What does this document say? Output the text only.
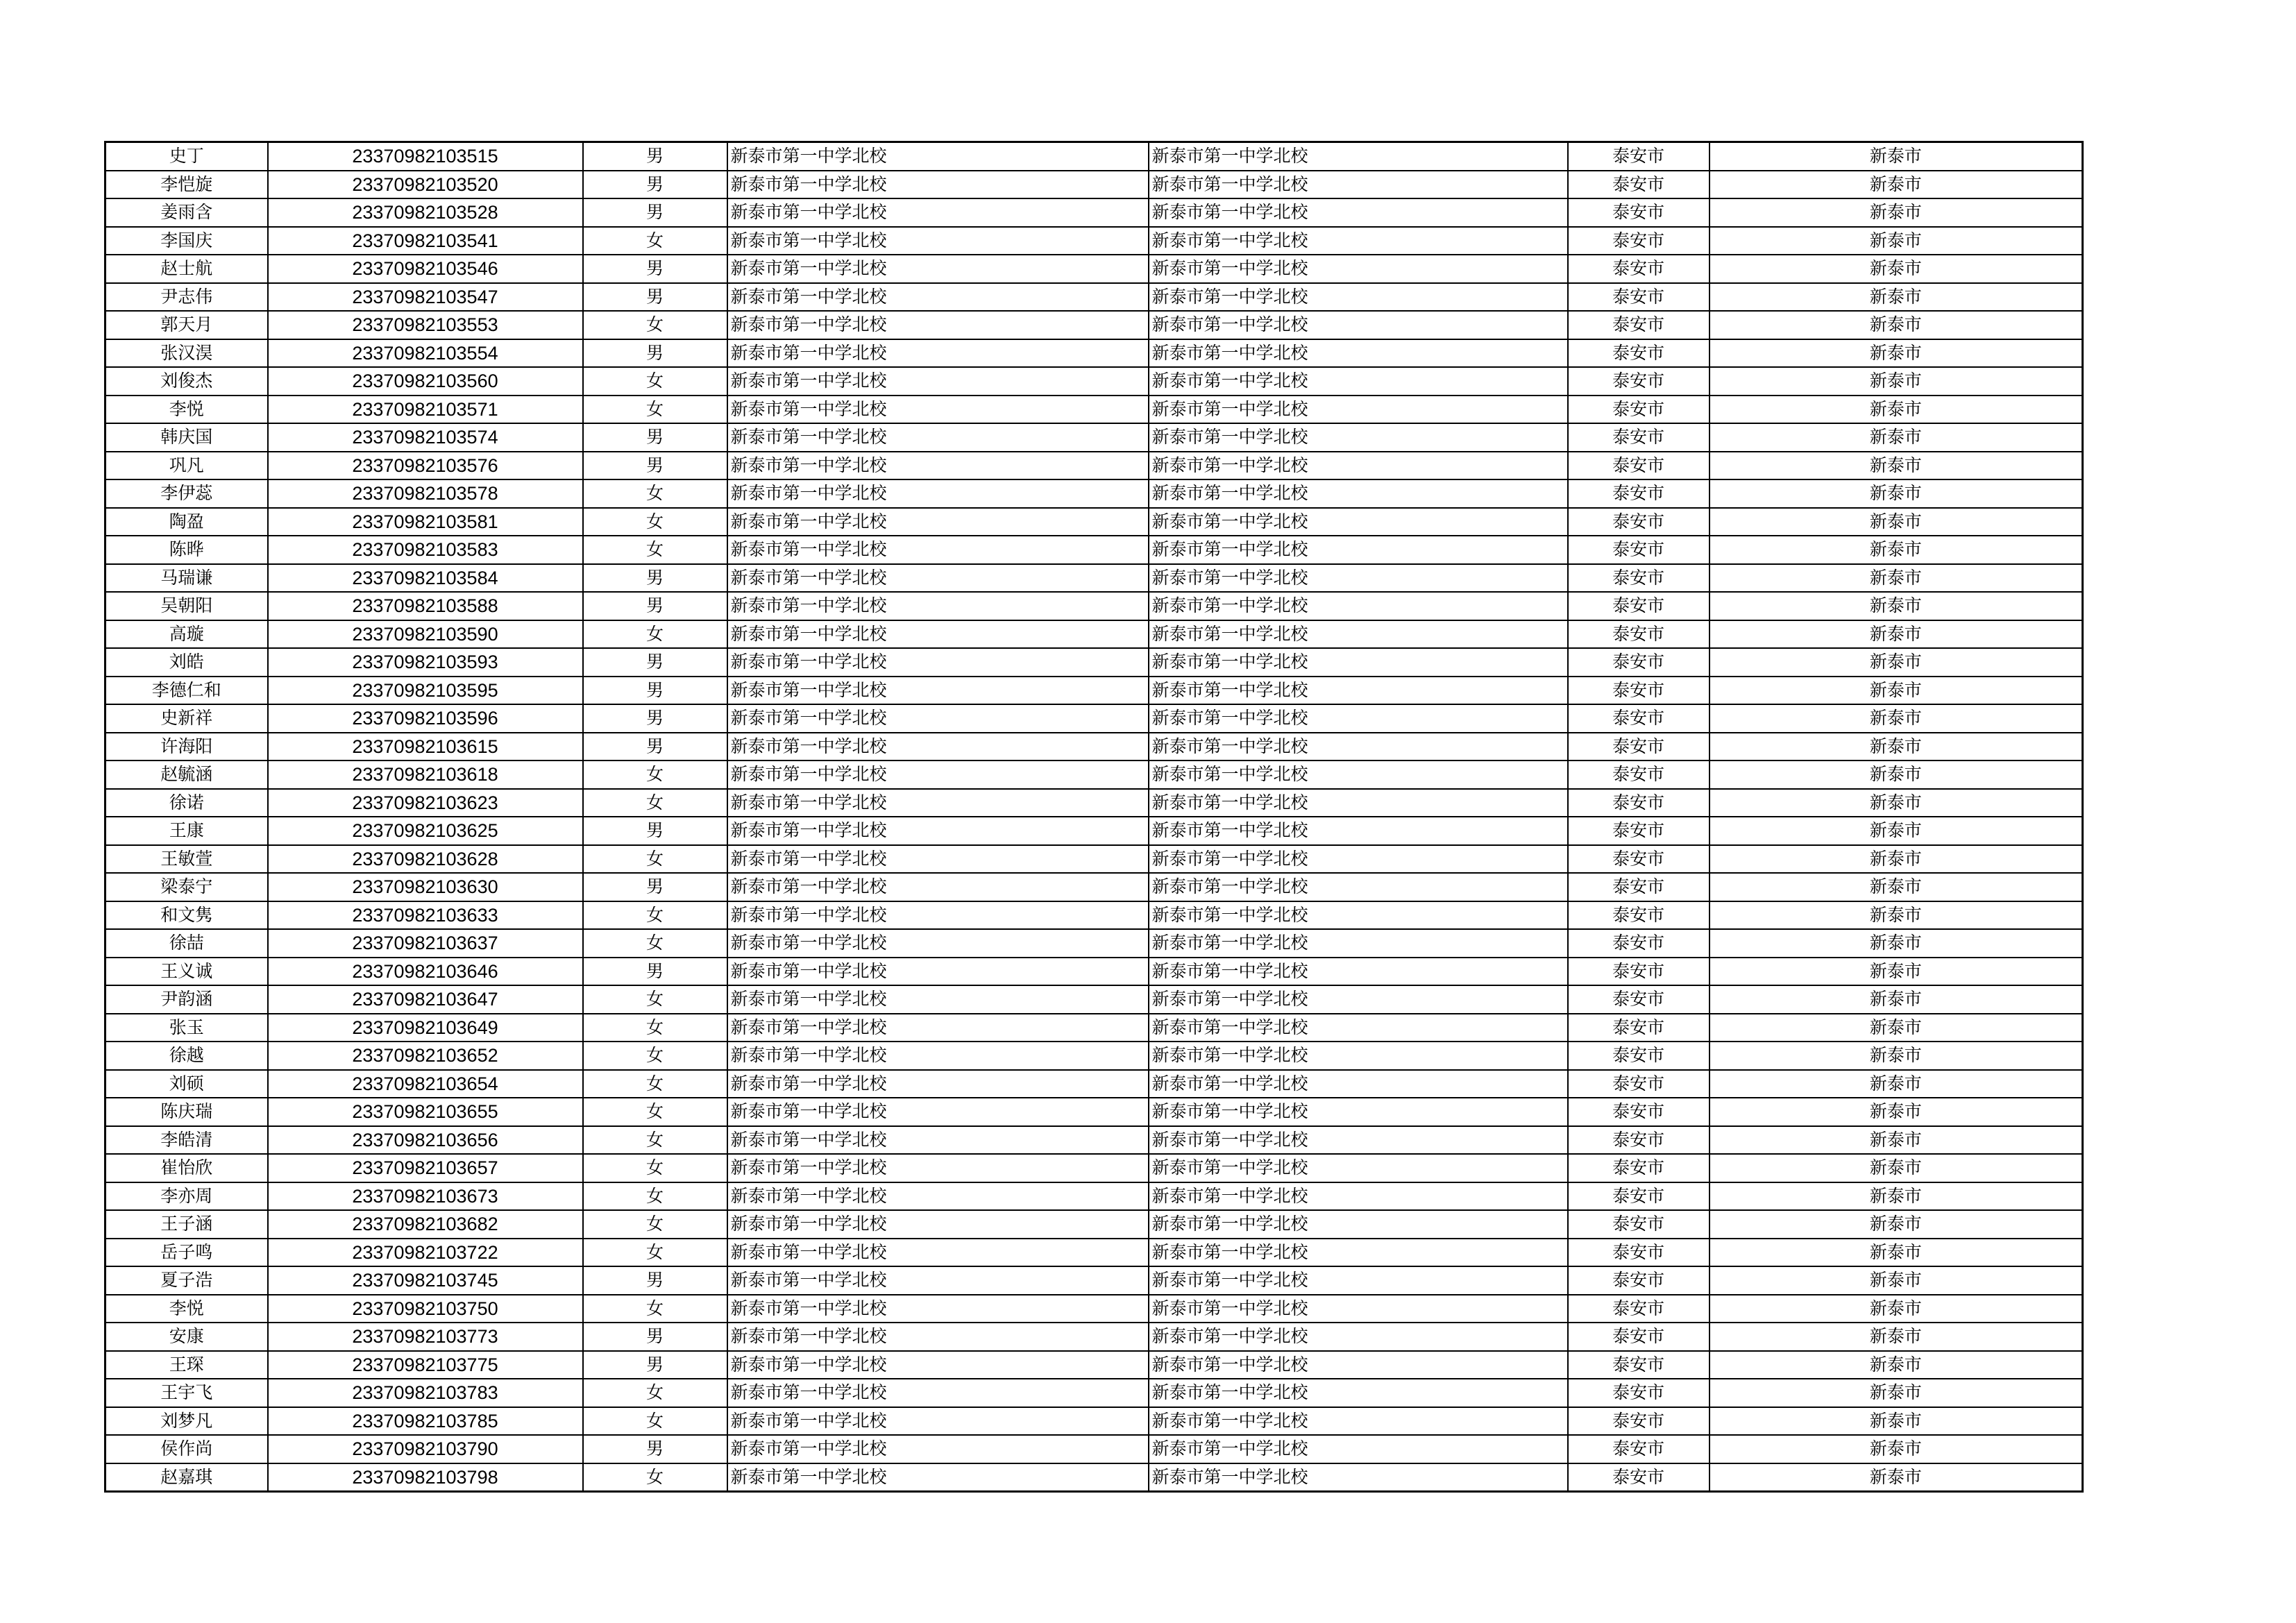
史丁	23370982103515	男	新泰市第一中学北校	新泰市第一中学北校	泰安市	新泰市
李恺旋	23370982103520	男	新泰市第一中学北校	新泰市第一中学北校	泰安市	新泰市
姜雨含	23370982103528	男	新泰市第一中学北校	新泰市第一中学北校	泰安市	新泰市
李国庆	23370982103541	女	新泰市第一中学北校	新泰市第一中学北校	泰安市	新泰市
赵士航	23370982103546	男	新泰市第一中学北校	新泰市第一中学北校	泰安市	新泰市
尹志伟	23370982103547	男	新泰市第一中学北校	新泰市第一中学北校	泰安市	新泰市
郭天月	23370982103553	女	新泰市第一中学北校	新泰市第一中学北校	泰安市	新泰市
张汉淏	23370982103554	男	新泰市第一中学北校	新泰市第一中学北校	泰安市	新泰市
刘俊杰	23370982103560	女	新泰市第一中学北校	新泰市第一中学北校	泰安市	新泰市
李悦	23370982103571	女	新泰市第一中学北校	新泰市第一中学北校	泰安市	新泰市
韩庆国	23370982103574	男	新泰市第一中学北校	新泰市第一中学北校	泰安市	新泰市
巩凡	23370982103576	男	新泰市第一中学北校	新泰市第一中学北校	泰安市	新泰市
李伊蕊	23370982103578	女	新泰市第一中学北校	新泰市第一中学北校	泰安市	新泰市
陶盈	23370982103581	女	新泰市第一中学北校	新泰市第一中学北校	泰安市	新泰市
陈晔	23370982103583	女	新泰市第一中学北校	新泰市第一中学北校	泰安市	新泰市
马瑞谦	23370982103584	男	新泰市第一中学北校	新泰市第一中学北校	泰安市	新泰市
吴朝阳	23370982103588	男	新泰市第一中学北校	新泰市第一中学北校	泰安市	新泰市
高璇	23370982103590	女	新泰市第一中学北校	新泰市第一中学北校	泰安市	新泰市
刘皓	23370982103593	男	新泰市第一中学北校	新泰市第一中学北校	泰安市	新泰市
李德仁和	23370982103595	男	新泰市第一中学北校	新泰市第一中学北校	泰安市	新泰市
史新祥	23370982103596	男	新泰市第一中学北校	新泰市第一中学北校	泰安市	新泰市
许海阳	23370982103615	男	新泰市第一中学北校	新泰市第一中学北校	泰安市	新泰市
赵毓涵	23370982103618	女	新泰市第一中学北校	新泰市第一中学北校	泰安市	新泰市
徐诺	23370982103623	女	新泰市第一中学北校	新泰市第一中学北校	泰安市	新泰市
王康	23370982103625	男	新泰市第一中学北校	新泰市第一中学北校	泰安市	新泰市
王敏萱	23370982103628	女	新泰市第一中学北校	新泰市第一中学北校	泰安市	新泰市
梁泰宁	23370982103630	男	新泰市第一中学北校	新泰市第一中学北校	泰安市	新泰市
和文隽	23370982103633	女	新泰市第一中学北校	新泰市第一中学北校	泰安市	新泰市
徐喆	23370982103637	女	新泰市第一中学北校	新泰市第一中学北校	泰安市	新泰市
王义诚	23370982103646	男	新泰市第一中学北校	新泰市第一中学北校	泰安市	新泰市
尹韵涵	23370982103647	女	新泰市第一中学北校	新泰市第一中学北校	泰安市	新泰市
张玉	23370982103649	女	新泰市第一中学北校	新泰市第一中学北校	泰安市	新泰市
徐越	23370982103652	女	新泰市第一中学北校	新泰市第一中学北校	泰安市	新泰市
刘硕	23370982103654	女	新泰市第一中学北校	新泰市第一中学北校	泰安市	新泰市
陈庆瑞	23370982103655	女	新泰市第一中学北校	新泰市第一中学北校	泰安市	新泰市
李皓清	23370982103656	女	新泰市第一中学北校	新泰市第一中学北校	泰安市	新泰市
崔怡欣	23370982103657	女	新泰市第一中学北校	新泰市第一中学北校	泰安市	新泰市
李亦周	23370982103673	女	新泰市第一中学北校	新泰市第一中学北校	泰安市	新泰市
王子涵	23370982103682	女	新泰市第一中学北校	新泰市第一中学北校	泰安市	新泰市
岳子鸣	23370982103722	女	新泰市第一中学北校	新泰市第一中学北校	泰安市	新泰市
夏子浩	23370982103745	男	新泰市第一中学北校	新泰市第一中学北校	泰安市	新泰市
李悦	23370982103750	女	新泰市第一中学北校	新泰市第一中学北校	泰安市	新泰市
安康	23370982103773	男	新泰市第一中学北校	新泰市第一中学北校	泰安市	新泰市
王琛	23370982103775	男	新泰市第一中学北校	新泰市第一中学北校	泰安市	新泰市
王宇飞	23370982103783	女	新泰市第一中学北校	新泰市第一中学北校	泰安市	新泰市
刘梦凡	23370982103785	女	新泰市第一中学北校	新泰市第一中学北校	泰安市	新泰市
侯作尚	23370982103790	男	新泰市第一中学北校	新泰市第一中学北校	泰安市	新泰市
赵嘉琪	23370982103798	女	新泰市第一中学北校	新泰市第一中学北校	泰安市	新泰市
